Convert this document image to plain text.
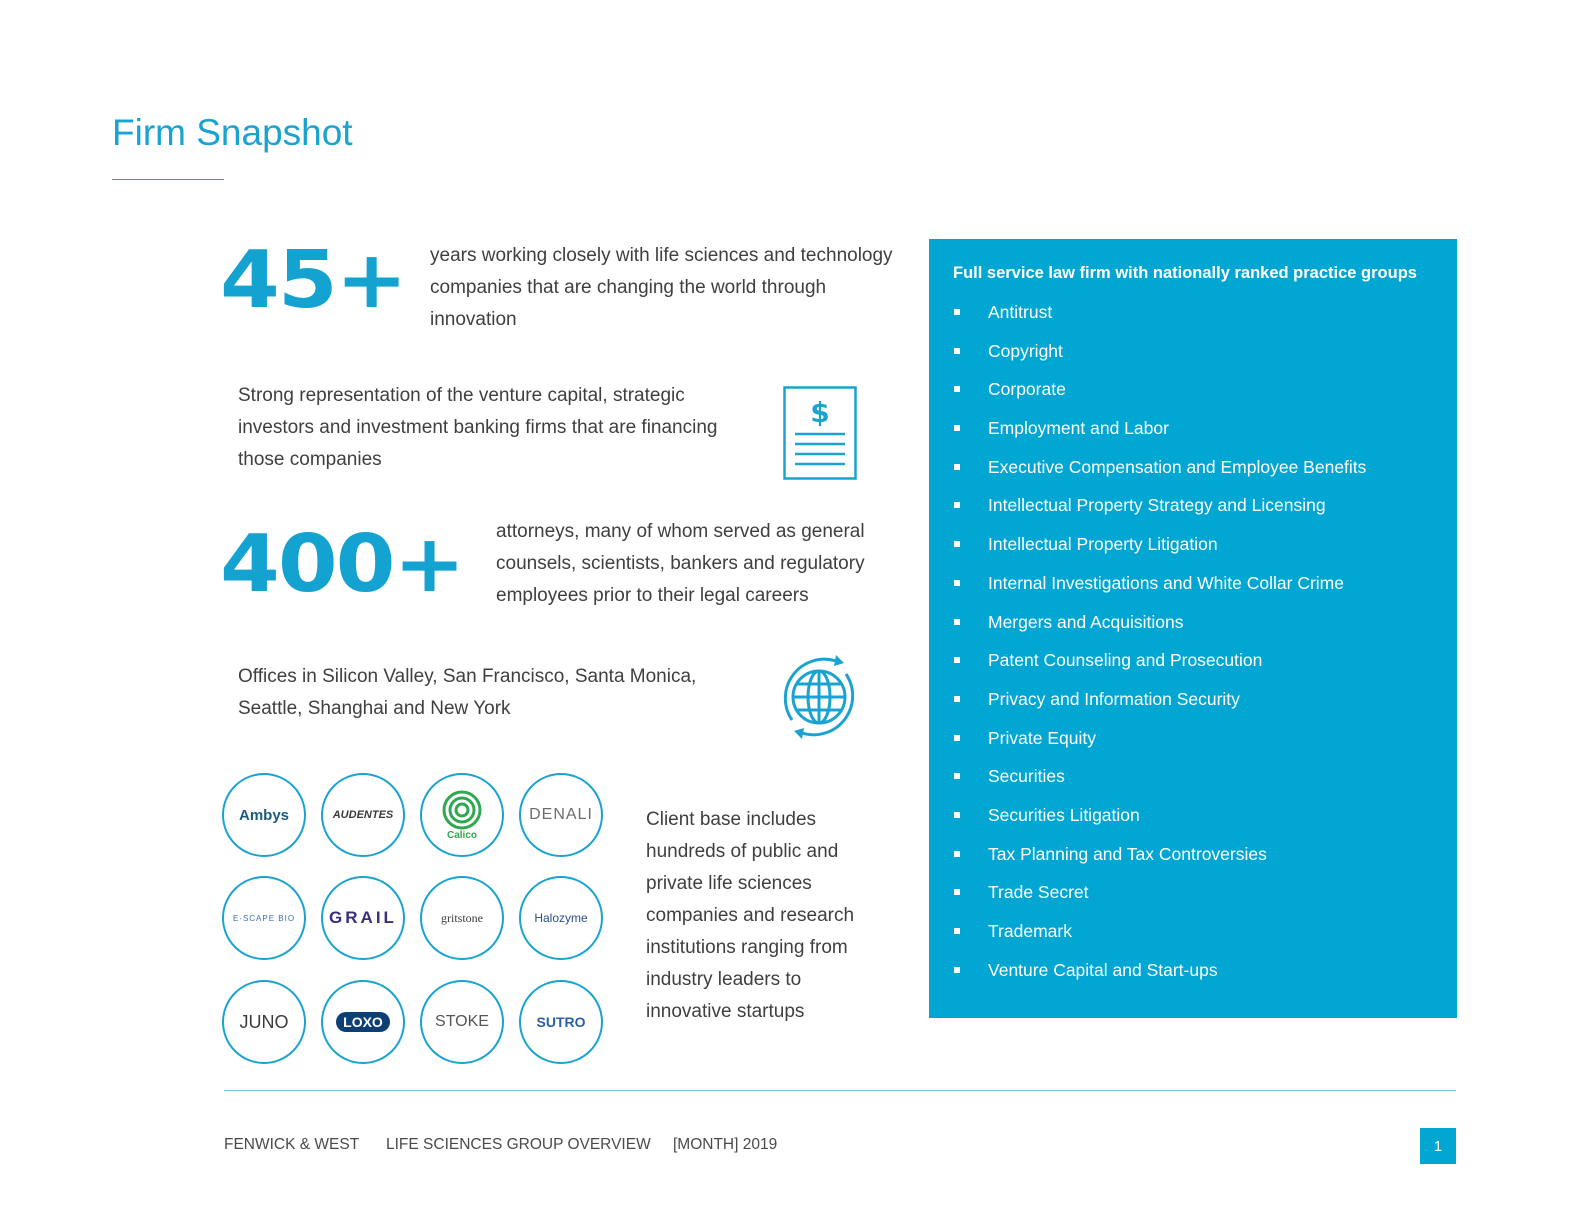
Firm Snapshot
45+ years working closely with life sciences and technology companies that are changing the world through innovation
Strong representation of the venture capital, strategic investors and investment banking firms that are financing those companies
$
400+ attorneys, many of whom served as general counsels, scientists, bankers and regulatory employees prior to their legal careers
Offices in Silicon Valley, San Francisco, Santa Monica, Seattle, Shanghai and New York
Ambys	AUDENTES
Calico
DENALI
E·SCAPE BIO GRAIL	gritstone	Halozyme
JUNO	LOXO	STOKE	SUTRO
Client base includes hundreds of public and private life sciences companies and research institutions ranging from industry leaders to innovative startups
Full service law firm with nationally ranked practice groups
Antitrust
Copyright
Corporate
Employment and Labor
Executive Compensation and Employee Benefits
Intellectual Property Strategy and Licensing
Intellectual Property Litigation
Internal Investigations and White Collar Crime
Mergers and Acquisitions
Patent Counseling and Prosecution
Privacy and Information Security
Private Equity
Securities
Securities Litigation
Tax Planning and Tax Controversies
Trade Secret
Trademark
Venture Capital and Start-ups
FENWICK & WEST LIFE SCIENCES GROUP OVERVIEW [MONTH] 2019	1
